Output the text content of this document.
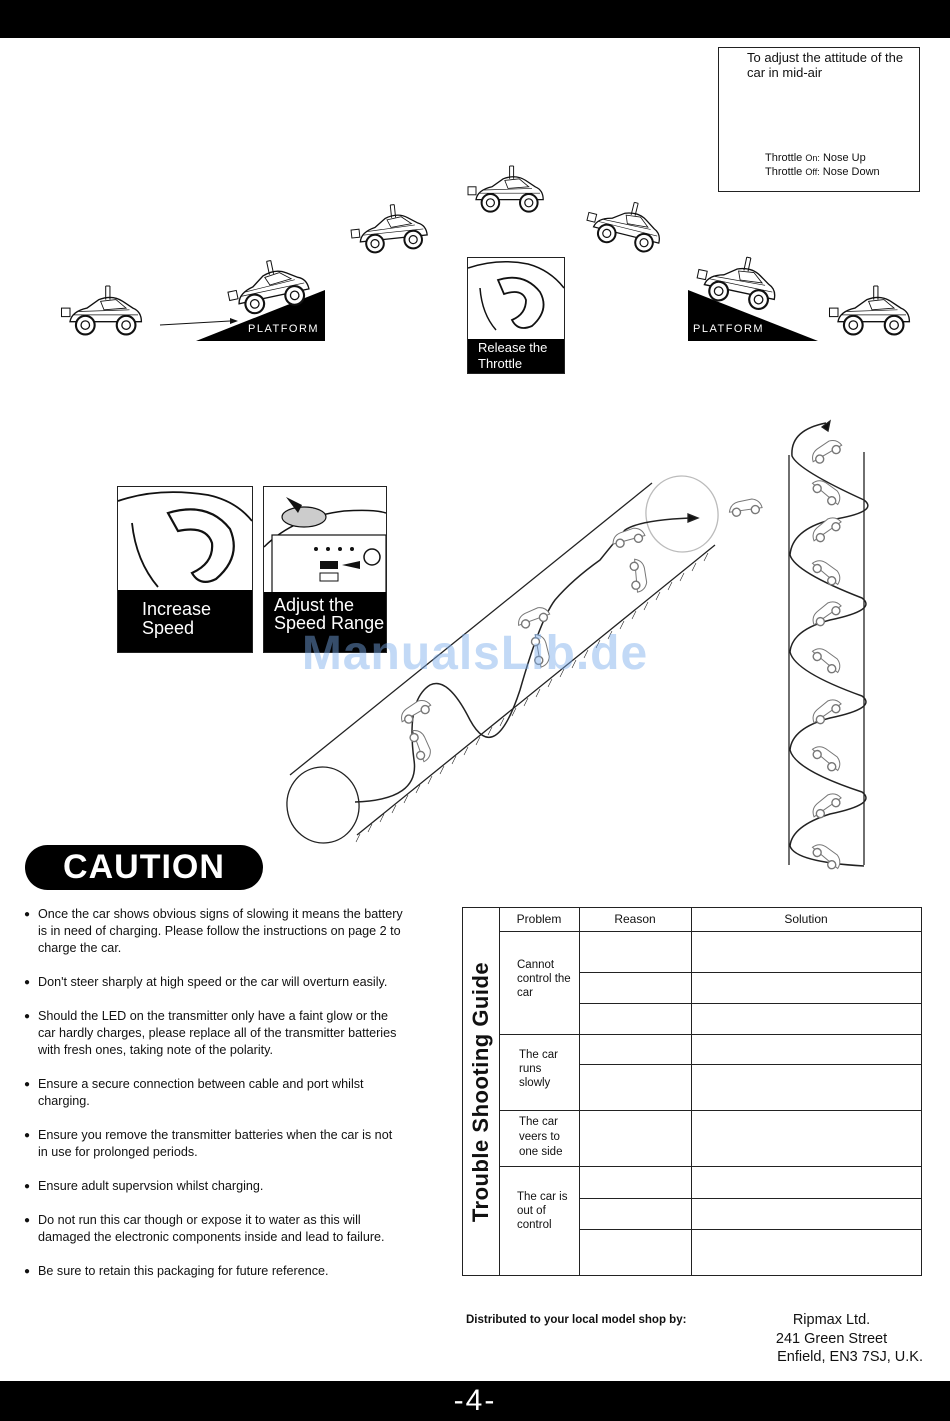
To adjust the attitude of the car in mid-air
Throttle On: Nose Up
Throttle Off: Nose Down
PLATFORM	PLATFORM
Release the Throttle
Increase Speed
Adjust the Speed Range
ManualsLib.de
CAUTION
● Once the car shows obvious signs of slowing it means the battery is in need of charging. Please follow the instructions on page 2 to charge the car.
● Don't steer sharply at high speed or the car will overturn easily.
● Should the LED on the transmitter only have a faint glow or the car hardly charges, please replace all of the transmitter batteries with fresh ones, taking note of the polarity.
● Ensure a secure connection between cable and port whilst charging.
● Ensure you remove the transmitter batteries when the car is not in use for prolonged periods.
● Ensure adult supervsion whilst charging.
● Do not run this car though or expose it to water as this will damaged the electronic components inside and lead to failure.
● Be sure to retain this packaging for future reference.
Trouble Shooting Guide
Problem	Reason	Solution
Cannot control the car
The car runs slowly
The car veers to one side
The car is out of control
Distributed to your local model shop by:	Ripmax Ltd.
241 Green Street
Enfield, EN3 7SJ, U.K.
-4-
